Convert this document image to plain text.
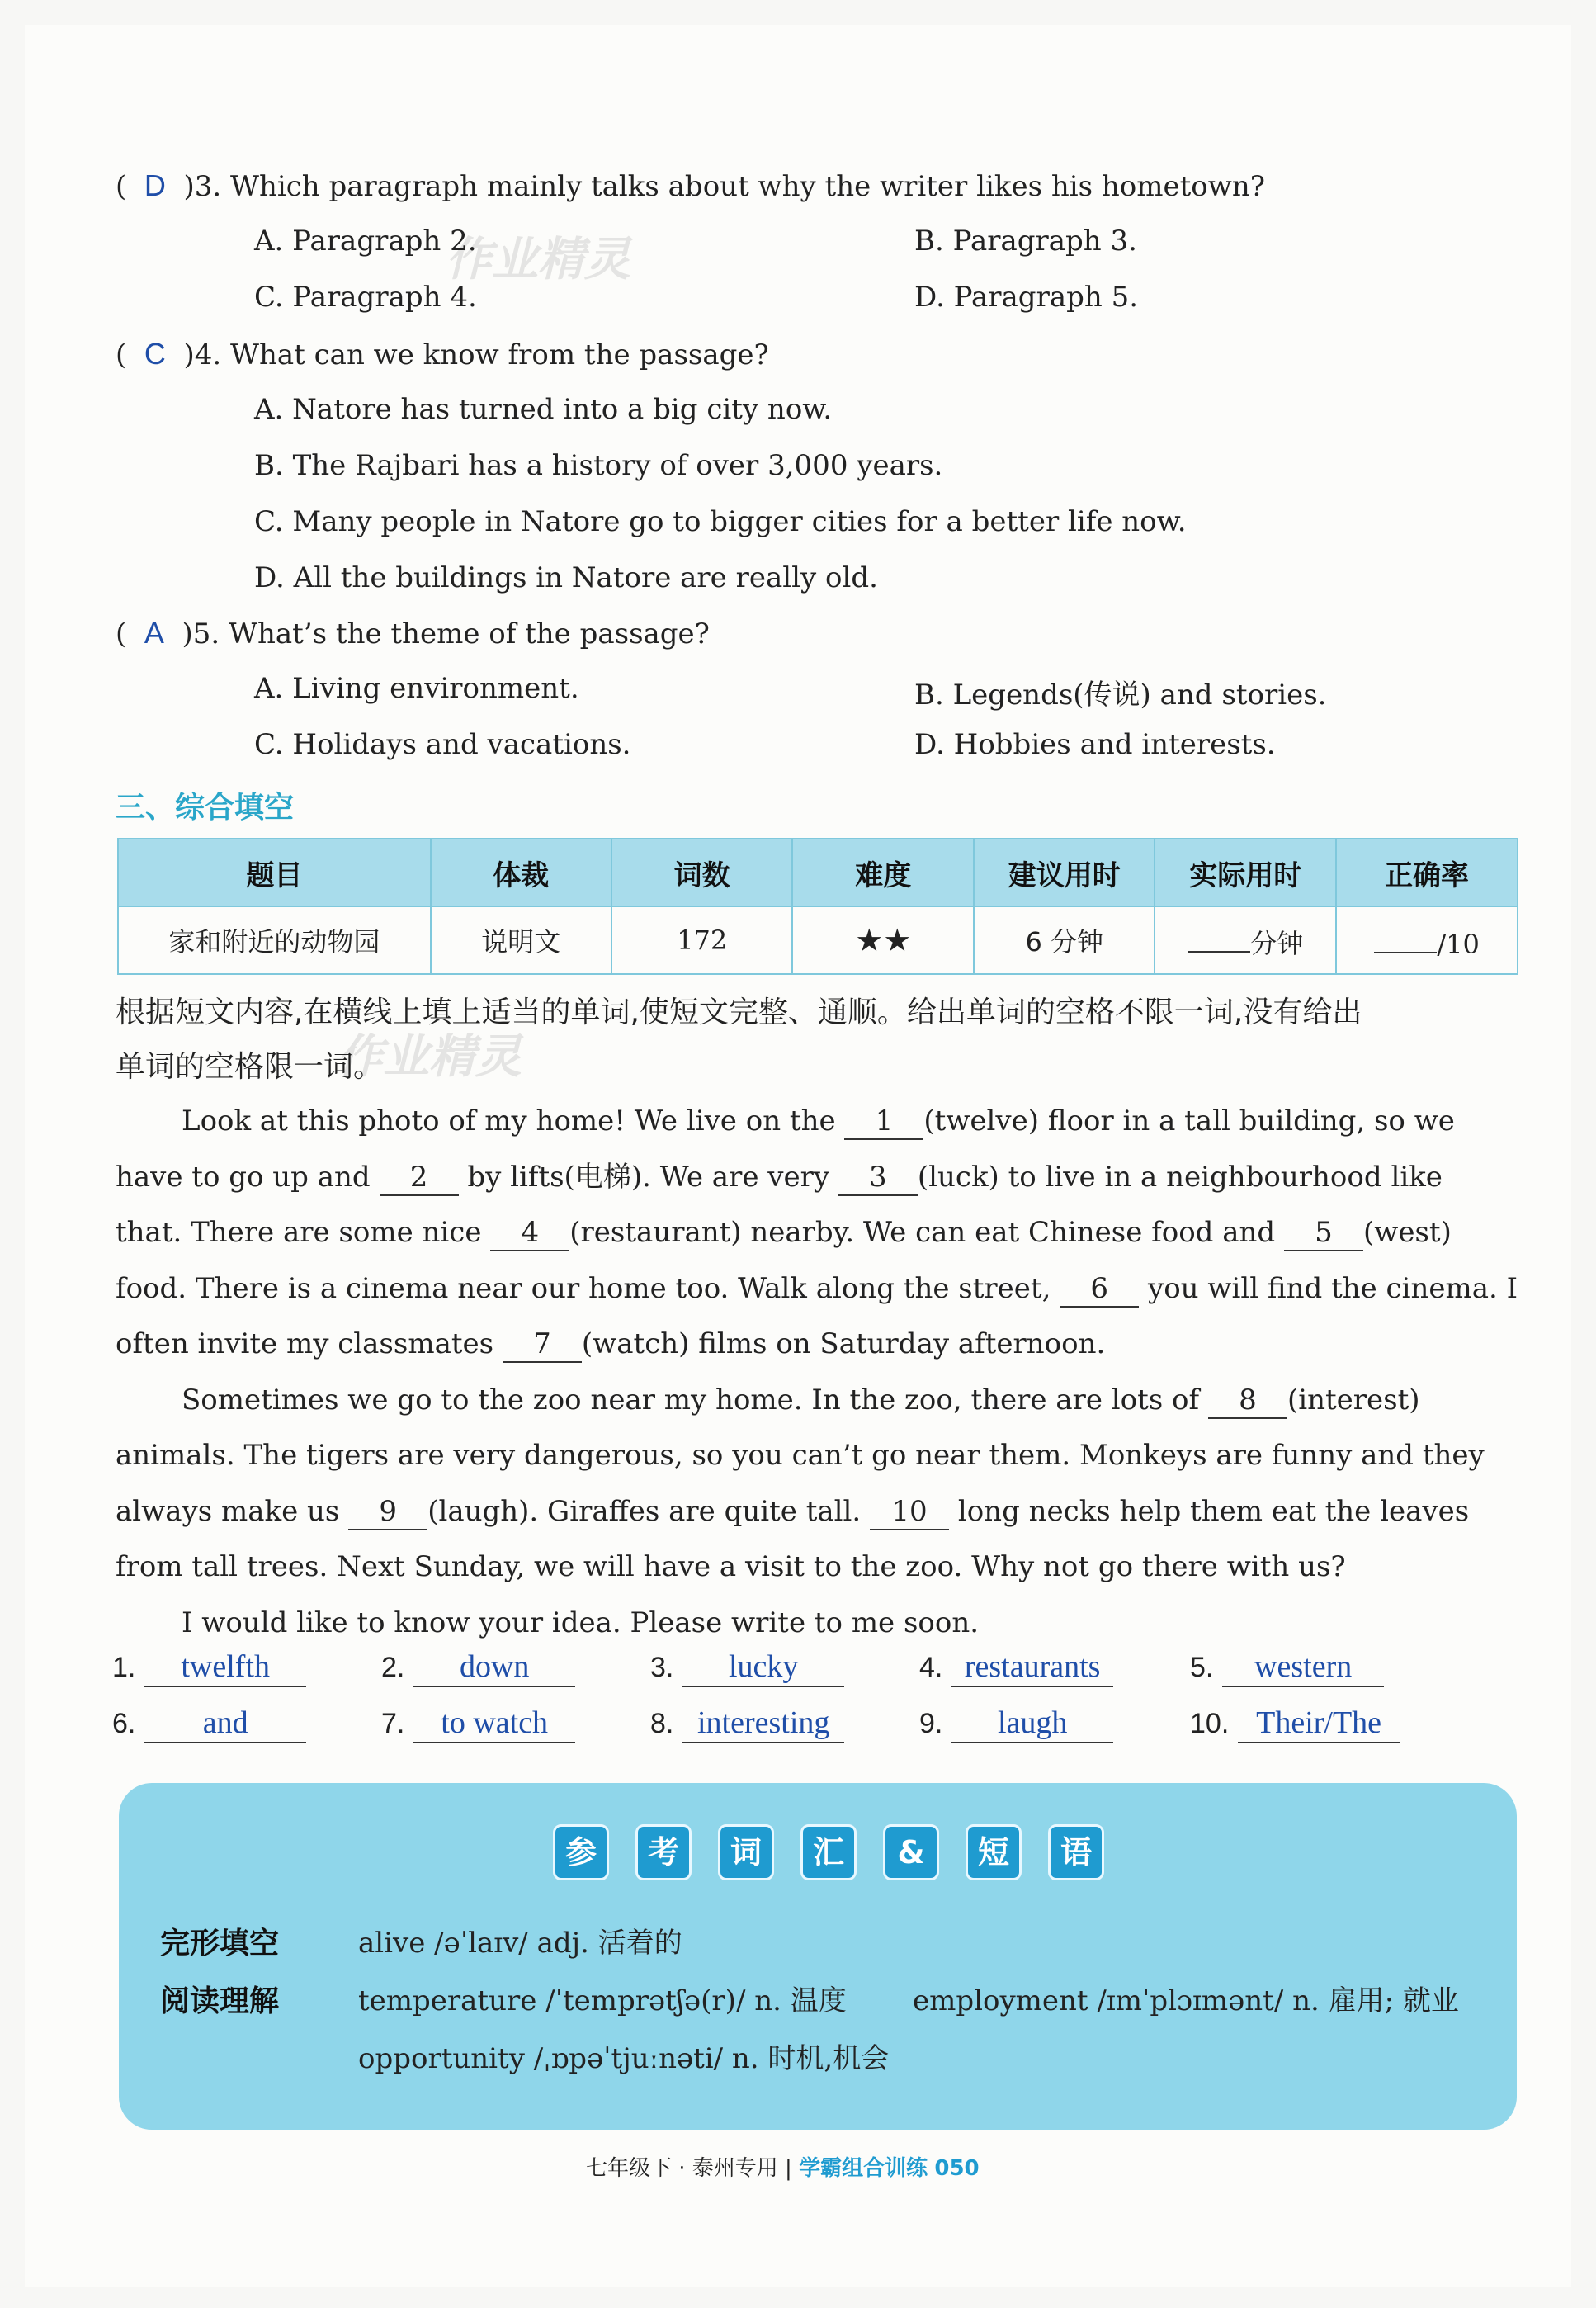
作业精灵
作业精灵
(  D  )3. Which paragraph mainly talks about why the writer likes his hometown?
A. Paragraph 2.	B. Paragraph 3.
C. Paragraph 4.	D. Paragraph 5.
(  C  )4. What can we know from the passage?
A. Natore has turned into a big city now.
B. The Rajbari has a history of over 3,000 years.
C. Many people in Natore go to bigger cities for a better life now.
D. All the buildings in Natore are really old.
(  A  )5. What’s the theme of the passage?
A. Living environment.	B. Legends(传说) and stories.
C. Holidays and vacations.	D. Hobbies and interests.
三、综合填空
题目	体裁	词数	难度	建议用时	实际用时	正确率
家和附近的动物园	说明文	172	★★	6 分钟	分钟	/10
根据短文内容,在横线上填上适当的单词,使短文完整、通顺。给出单词的空格不限一词,没有给出
单词的空格限一词。
Look at this photo of my home! We live on the 1 (twelve) floor in a tall building, so we
have to go up and 2 by lifts(电梯). We are very 3 (luck) to live in a neighbourhood like
that. There are some nice 4 (restaurant) nearby. We can eat Chinese food and 5 (west)
food. There is a cinema near our home too. Walk along the street, 6 you will find the cinema. I
often invite my classmates 7 (watch) films on Saturday afternoon.
Sometimes we go to the zoo near my home. In the zoo, there are lots of 8 (interest)
animals. The tigers are very dangerous, so you can’t go near them. Monkeys are funny and they
always make us 9 (laugh). Giraffes are quite tall. 10 long necks help them eat the leaves
from tall trees. Next Sunday, we will have a visit to the zoo. Why not go there with us?
I would like to know your idea. Please write to me soon.
1. twelfth	2. down	3. lucky	4. restaurants	5. western
6. and	7. to watch	8. interesting	9. laugh	10. Their/The
参 考 词 汇 & 短 语
完形填空	alive /əˈlaɪv/ adj. 活着的
阅读理解	temperature /ˈtemprətʃə(r)/ n. 温度 employment /ɪmˈplɔɪmənt/ n. 雇用; 就业
opportunity /ˌɒpəˈtjuːnəti/ n. 时机,机会
七年级下 · 泰州专用 | 学霸组合训练 050
